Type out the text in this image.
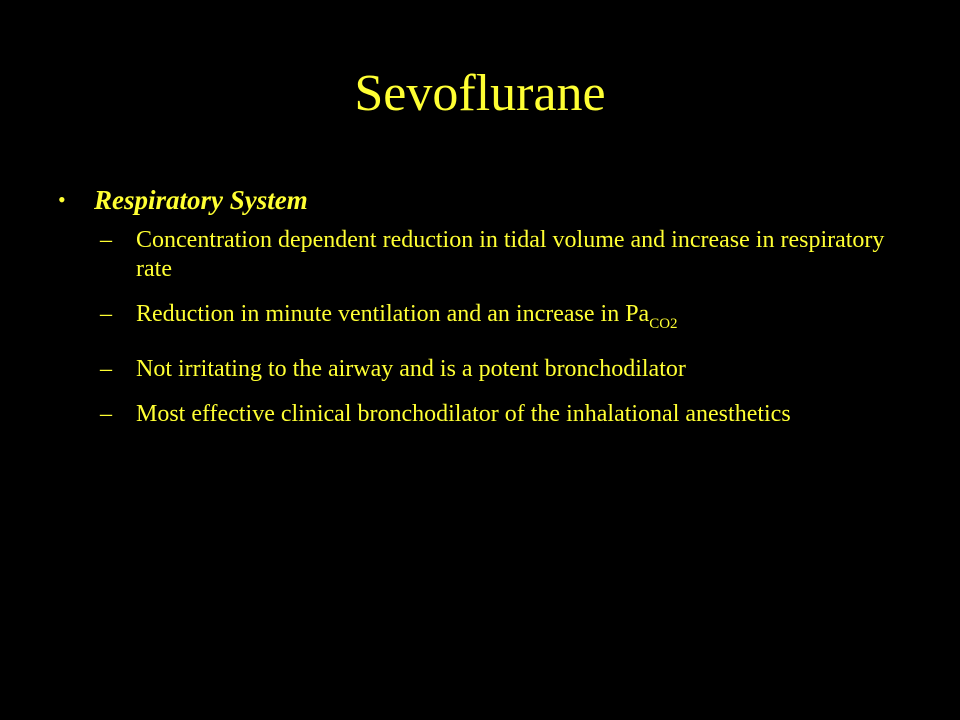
Sevoflurane
•	Respiratory System
–	Concentration dependent reduction in tidal volume and increase in respiratory rate
–	Reduction in minute ventilation and an increase in $Pa_{CO2}$
–	Not irritating to the airway and is a potent bronchodilator
–	Most effective clinical bronchodilator of the inhalational anesthetics
